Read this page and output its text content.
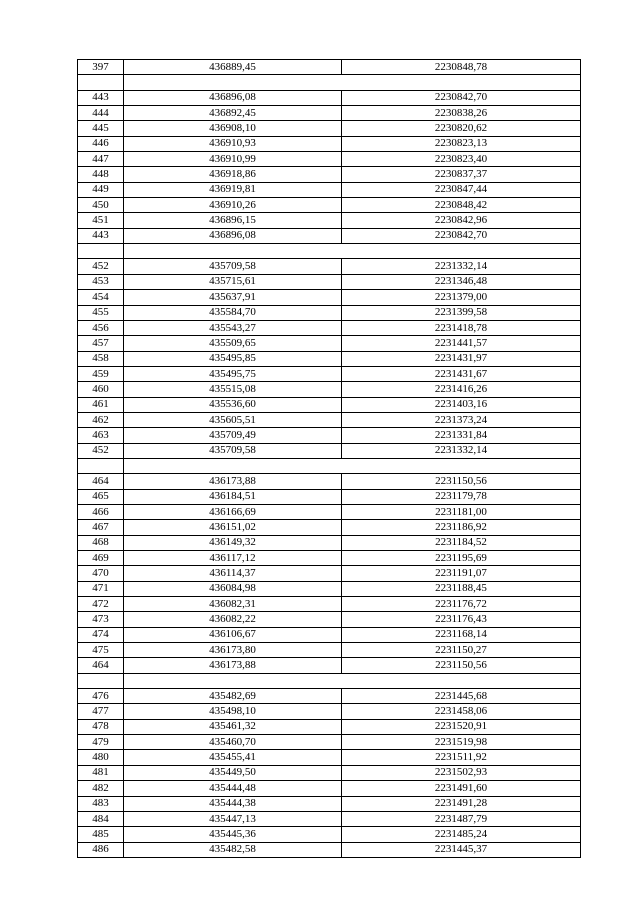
397	436889,45	2230848,78

443	436896,08	2230842,70
444	436892,45	2230838,26
445	436908,10	2230820,62
446	436910,93	2230823,13
447	436910,99	2230823,40
448	436918,86	2230837,37
449	436919,81	2230847,44
450	436910,26	2230848,42
451	436896,15	2230842,96
443	436896,08	2230842,70

452	435709,58	2231332,14
453	435715,61	2231346,48
454	435637,91	2231379,00
455	435584,70	2231399,58
456	435543,27	2231418,78
457	435509,65	2231441,57
458	435495,85	2231431,97
459	435495,75	2231431,67
460	435515,08	2231416,26
461	435536,60	2231403,16
462	435605,51	2231373,24
463	435709,49	2231331,84
452	435709,58	2231332,14

464	436173,88	2231150,56
465	436184,51	2231179,78
466	436166,69	2231181,00
467	436151,02	2231186,92
468	436149,32	2231184,52
469	436117,12	2231195,69
470	436114,37	2231191,07
471	436084,98	2231188,45
472	436082,31	2231176,72
473	436082,22	2231176,43
474	436106,67	2231168,14
475	436173,80	2231150,27
464	436173,88	2231150,56

476	435482,69	2231445,68
477	435498,10	2231458,06
478	435461,32	2231520,91
479	435460,70	2231519,98
480	435455,41	2231511,92
481	435449,50	2231502,93
482	435444,48	2231491,60
483	435444,38	2231491,28
484	435447,13	2231487,79
485	435445,36	2231485,24
486	435482,58	2231445,37
